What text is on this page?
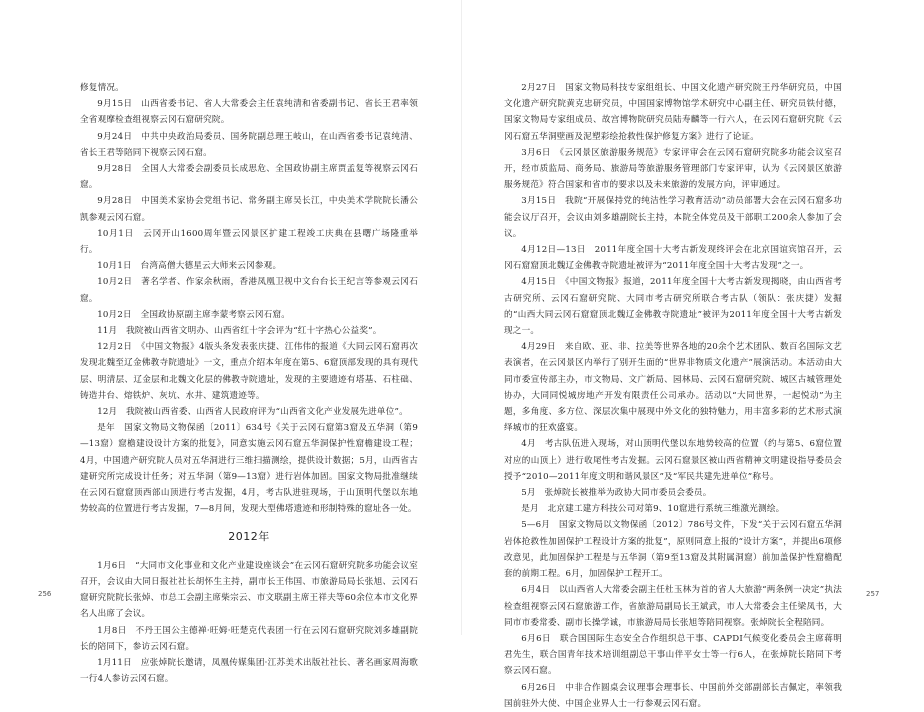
修复情况。

9月15日　山西省委书记、省人大常委会主任袁纯清和省委副书记、省长王君率领全省观摩检查组视察云冈石窟研究院。

9月24日　中共中央政治局委员、国务院副总理王岐山，在山西省委书记袁纯清、省长王君等陪同下视察云冈石窟。

9月28日　全国人大常委会副委员长成思危、全国政协副主席贾孟复等视察云冈石窟。

9月28日　中国美术家协会党组书记、常务副主席吴长江，中央美术学院院长潘公凯参观云冈石窟。

10月1日　云冈开山1600周年暨云冈景区扩建工程竣工庆典在县曙广场隆重举行。

10月1日　台湾高僧大德星云大师来云冈参观。

10月2日　著名学者、作家余秋雨，香港凤凰卫视中文台台长王纪言等参观云冈石窟。

10月2日　全国政协原副主席李蒙考察云冈石窟。

11月　我院被山西省文明办、山西省红十字会评为“红十字热心公益奖”。

12月2日　《中国文物报》4版头条发表张庆捷、江伟伟的报道《大同云冈石窟再次发现北魏至辽金佛教寺院遗址》一文，重点介绍本年度在第5、6窟顶部发现的具有现代层、明清层、辽金层和北魏文化层的佛教寺院遗址，发现的主要遗迹有塔基、石柱础、铸造井台、熔铁炉、灰坑、水井、建筑遗迹等。

12月　我院被山西省委、山西省人民政府评为“山西省文化产业发展先进单位”。

是年　国家文物局文物保函〔2011〕634号《关于云冈石窟第3窟及五华洞（第9—13窟）窟檐建设设计方案的批复》，同意实施云冈石窟五华洞保护性窟檐建设工程；4月，中国遗产研究院人员对五华洞进行三维扫描测绘，提供设计数据；5月，山西省古建研究所完成设计任务；对五华洞（第9—13窟）进行岩体加固。国家文物局批准继续在云冈石窟窟顶西部山顶进行考古发掘，4月，考古队进驻现场，于山顶明代堡以东地势较高的位置进行考古发掘，7—8月间，发现大型佛塔遗迹和形制特殊的窟址各一处。

2012年

1月6日　“大同市文化事业和文化产业建设座谈会”在云冈石窟研究院多功能会议室召开，会议由大同日报社社长胡怀生主持，副市长王伟国、市旅游局局长张旭、云冈石窟研究院院长张焯、市总工会副主席柴宗云、市文联副主席王祥夫等60余位本市文化界名人出席了会议。

1月8日　不丹王国公主德禅·旺姆·旺楚克代表团一行在云冈石窟研究院刘多雄副院长的陪同下，参访云冈石窟。

1月11日　应张焯院长邀请，凤凰传媒集团·江苏美术出版社社长、著名画家周海歌一行4人参访云冈石窟。

256

2月27日　国家文物局科技专家组组长、中国文化遗产研究院王丹华研究员，中国文化遗产研究院黄克忠研究员，中国国家博物馆学术研究中心副主任、研究员铁付德，国家文物局专家组成员、故宫博物院研究员陆寿麟等一行六人，在云冈石窟研究院《云冈石窟五华洞壁画及泥塑彩绘抢救性保护修复方案》进行了论证。

3月6日　《云冈景区旅游服务规范》专家评审会在云冈石窟研究院多功能会议室召开，经市质监局、商务局、旅游局等旅游服务管理部门专家评审，认为《云冈景区旅游服务规范》符合国家和省市的要求以及未来旅游的发展方向，评审通过。

3月15日　我院“开展保持党的纯洁性学习教育活动”动员部署大会在云冈石窟多功能会议厅召开，会议由刘多雄副院长主持，本院全体党员及干部职工200余人参加了会议。

4月12日—13日　2011年度全国十大考古新发现终评会在北京国谊宾馆召开，云冈石窟窟顶北魏辽金佛教寺院遗址被评为“2011年度全国十大考古发现”之一。

4月15日　《中国文物报》报道，2011年度全国十大考古新发现揭晓，由山西省考古研究所、云冈石窟研究院、大同市考古研究所联合考古队（领队：张庆捷）发掘的“山西大同云冈石窟窟顶北魏辽金佛教寺院遗址”被评为2011年度全国十大考古新发现之一。

4月29日　来自欧、亚、非、拉美等世界各地的20余个艺术团队、数百名国际文艺表演者，在云冈景区内举行了别开生面的“世界非物质文化遗产”展演活动。本活动由大同市委宣传部主办，市文物局、文广新局、园林局、云冈石窟研究院、城区古城管理处协办，大同同悦城房地产开发有限责任公司承办。活动以“大同世界，一起悦动”为主题，多角度、多方位、深层次集中展现中外文化的独特魅力，用丰富多彩的艺术形式演绎城市的狂欢盛宴。

4月　考古队伍进入现场，对山顶明代堡以东地势较高的位置（约与第5、6窟位置对应的山顶上）进行收尾性考古发掘。云冈石窟景区被山西省精神文明建设指导委员会授予“2010—2011年度文明和谐风景区”及“军民共建先进单位”称号。

5月　张焯院长被推举为政协大同市委员会委员。

是月　北京建工建方科技公司对第9、10窟进行系统三维激光测绘。

5—6月　国家文物局以文物保函〔2012〕786号文件，下发“关于云冈石窟五华洞岩体抢救性加固保护工程设计方案的批复”，原则同意上报的“设计方案”，并提出6项修改意见，此加固保护工程是与五华洞（第9至13窟及其附属洞窟）前加盖保护性窟檐配套的前期工程。6月，加固保护工程开工。

6月4日　以山西省人大常委会副主任杜玉林为首的省人大旅游“两条例一决定”执法检查组视察云冈石窟旅游工作，省旅游局副局长王斌武，市人大常委会主任梁凤书，大同市市委常委、副市长操学诚，市旅游局局长张旭等陪同视察。张焯院长全程陪同。

6月6日　联合国国际生态安全合作组织总干事、CAPDI气候变化委员会主席蒋明君先生，联合国青年技术培训组副总干事山伴平女士等一行6人，在张焯院长陪同下考察云冈石窟。

6月26日　中非合作圆桌会议理事会理事长、中国前外交部副部长吉佩定，率领我国前驻外大使、中国企业界人士一行参观云冈石窟。

257
